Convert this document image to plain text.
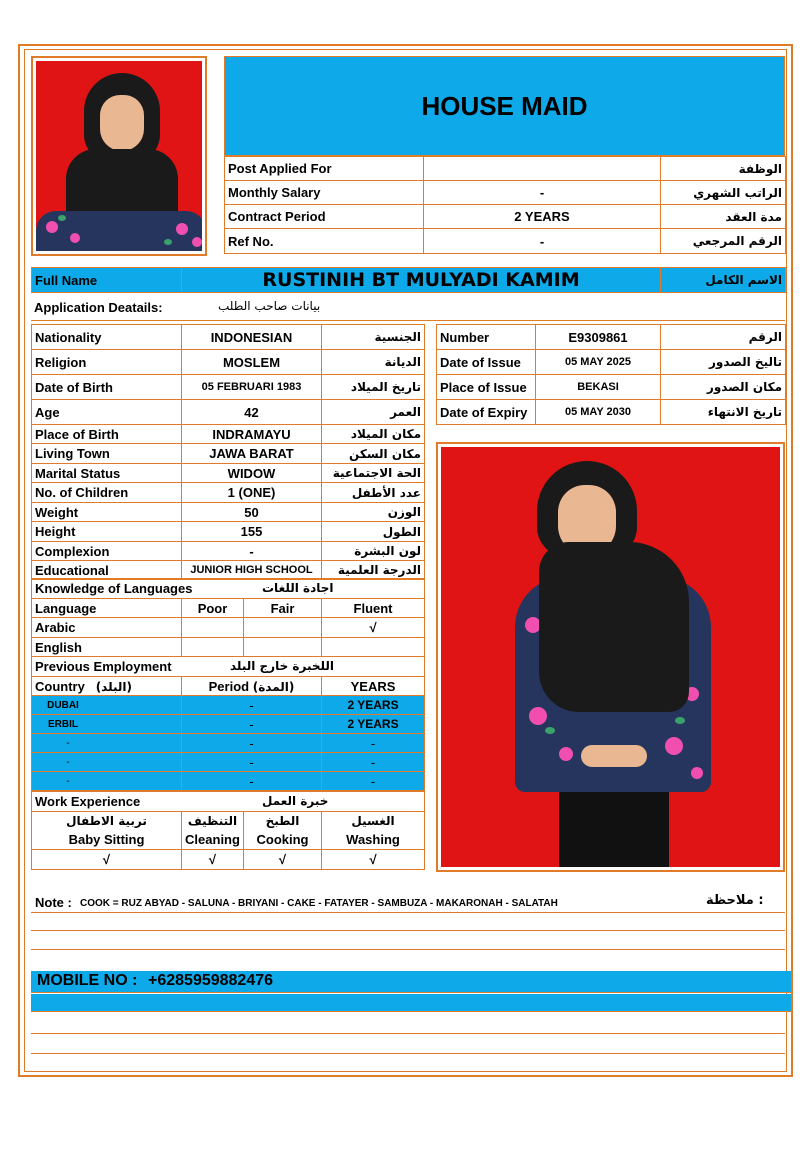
HOUSE MAID
Post Applied For		الوظفة
Monthly Salary	-	الراتب الشهري
Contract Period	2 YEARS	مدة العقد
Ref No.	-	الرقم المرجعي
Full Name	RUSTINIH BT MULYADI KAMIM	الاسم الكامل
Application Deatails:	بيانات صاحب الطلب
Nationality	INDONESIAN	الجنسية
Religion	MOSLEM	الديانة
Date of Birth	05 FEBRUARI 1983	تاريخ الميلاد
Age	42	العمر
Place of Birth	INDRAMAYU	مكان الميلاد
Living Town	JAWA BARAT	مكان السكن
Marital Status	WIDOW	الحة الاجتماعية
No. of Children	1 (ONE)	عدد الأطفل
Weight	50	الوزن
Height	155	الطول
Complexion	-	لون البشرة
Educational	JUNIOR HIGH SCHOOL	الدرجة العلمية
Knowledge of Languages اجادة اللغات			

Language	Poor	Fair	Fluent
Arabic			√
English			
Previous Employment اللخبرة خارج البلد		

Country (البلد)	Period (المدة)	YEARS
DUBAI	-	2 YEARS
ERBIL	-	2 YEARS
-	-	-
-	-	-
-	-	-
Work Experience خبرة العمل			

تربية الاطفال	التنظيف	الطبخ	الغسيل
Baby Sitting	Cleaning	Cooking	Washing
√	√	√	√
Number	E9309861	الرقم
Date of Issue	05 MAY 2025	تاليخ الصدور
Place of Issue	BEKASI	مكان الصدور
Date of Expiry	05 MAY 2030	تاريخ الانتهاء
Note : COOK = RUZ ABYAD - SALUNA - BRIYANI - CAKE - FATAYER - SAMBUZA - MAKARONAH - SALATAH	ملاحظة :
MOBILE NO : +6285959882476
